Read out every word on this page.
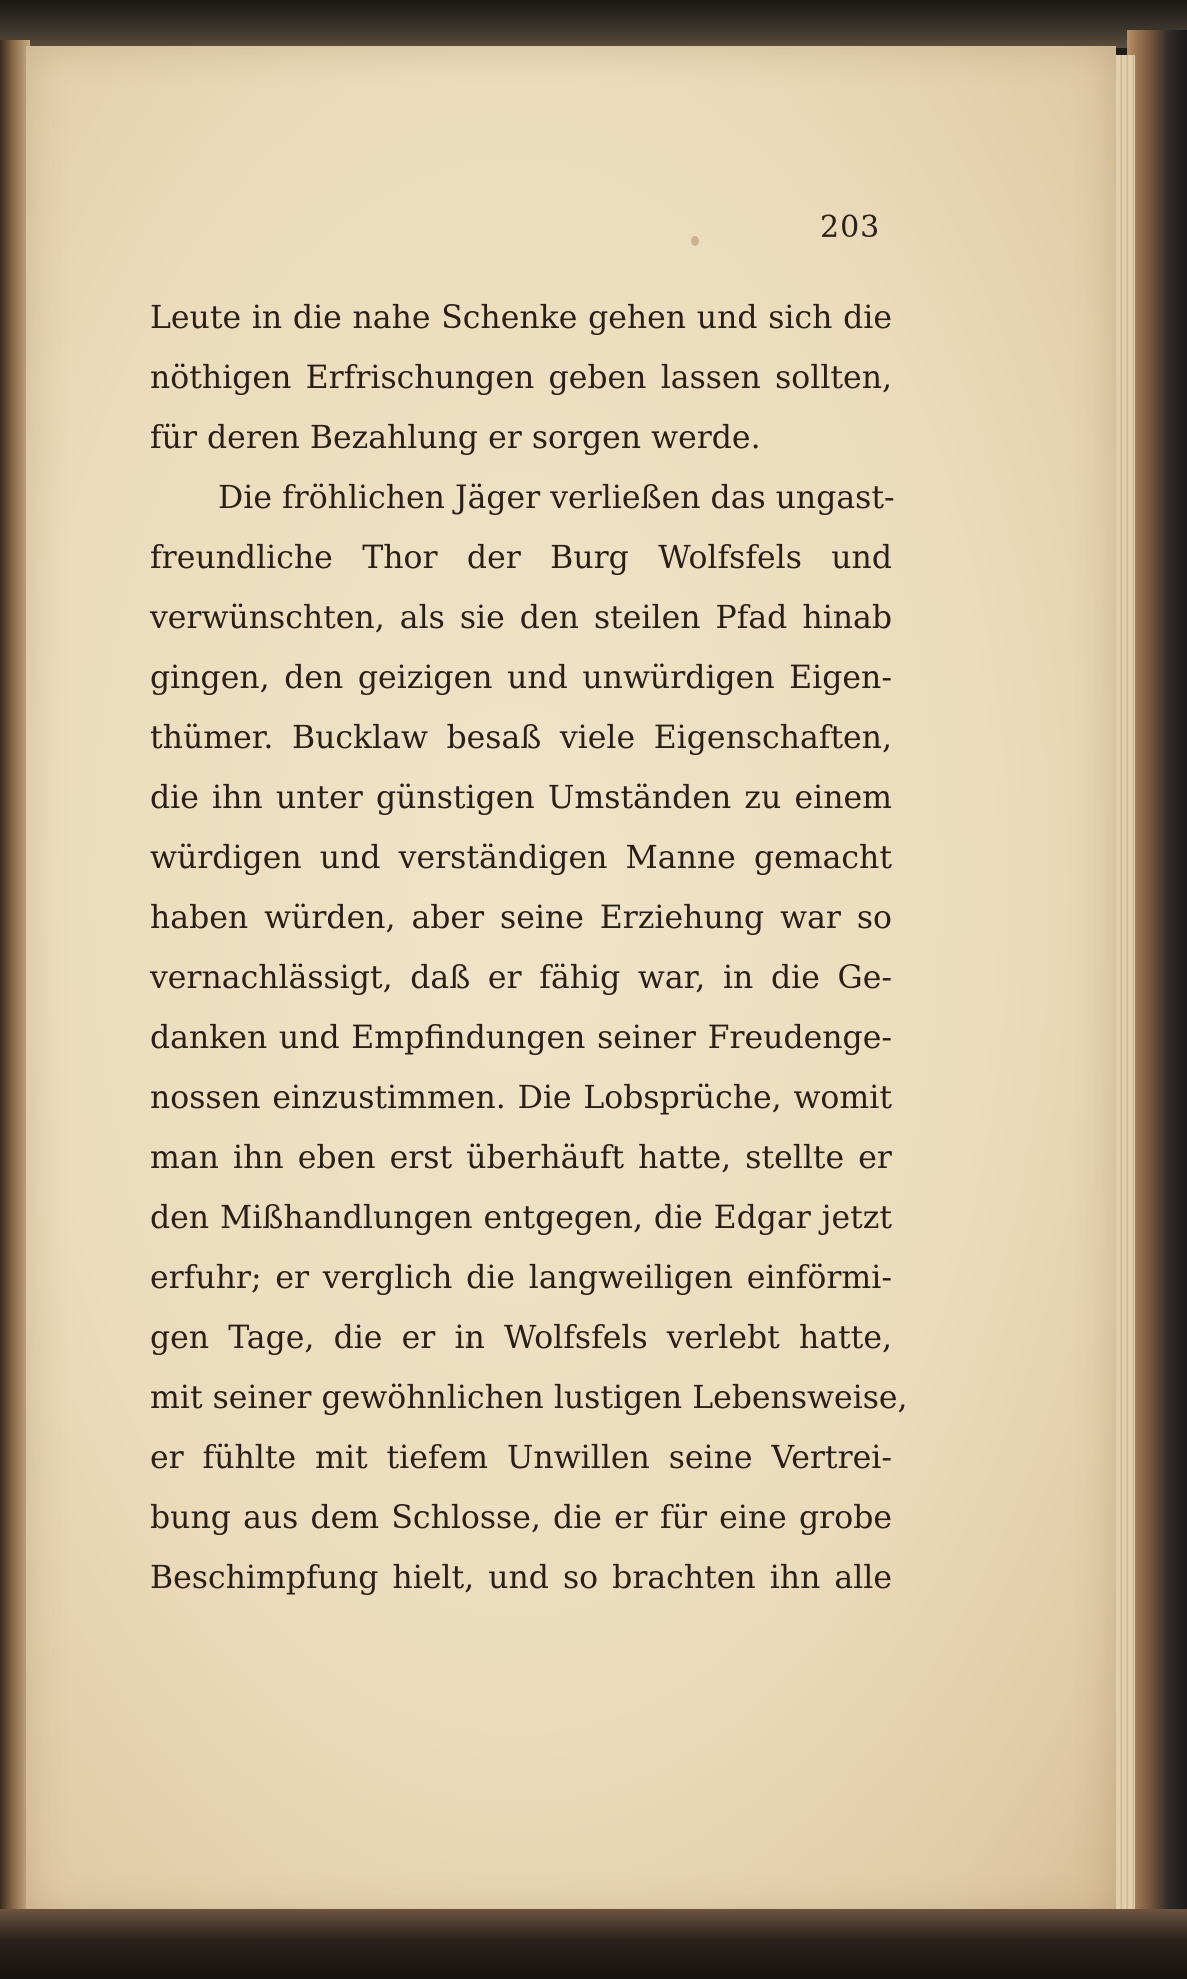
203
Leute in die nahe Schenke gehen und sich die
nöthigen Erfrischungen geben lassen sollten,
für deren Bezahlung er sorgen werde.
Die fröhlichen Jäger verließen das ungast-
freundliche Thor der Burg Wolfsfels und
verwünschten, als sie den steilen Pfad hinab
gingen, den geizigen und unwürdigen Eigen-
thümer. Bucklaw besaß viele Eigenschaften,
die ihn unter günstigen Umständen zu einem
würdigen und verständigen Manne gemacht
haben würden, aber seine Erziehung war so
vernachlässigt, daß er fähig war, in die Ge-
danken und Empfindungen seiner Freudenge-
nossen einzustimmen. Die Lobsprüche, womit
man ihn eben erst überhäuft hatte, stellte er
den Mißhandlungen entgegen, die Edgar jetzt
erfuhr; er verglich die langweiligen einförmi-
gen Tage, die er in Wolfsfels verlebt hatte,
mit seiner gewöhnlichen lustigen Lebensweise,
er fühlte mit tiefem Unwillen seine Vertrei-
bung aus dem Schlosse, die er für eine grobe
Beschimpfung hielt, und so brachten ihn alle
